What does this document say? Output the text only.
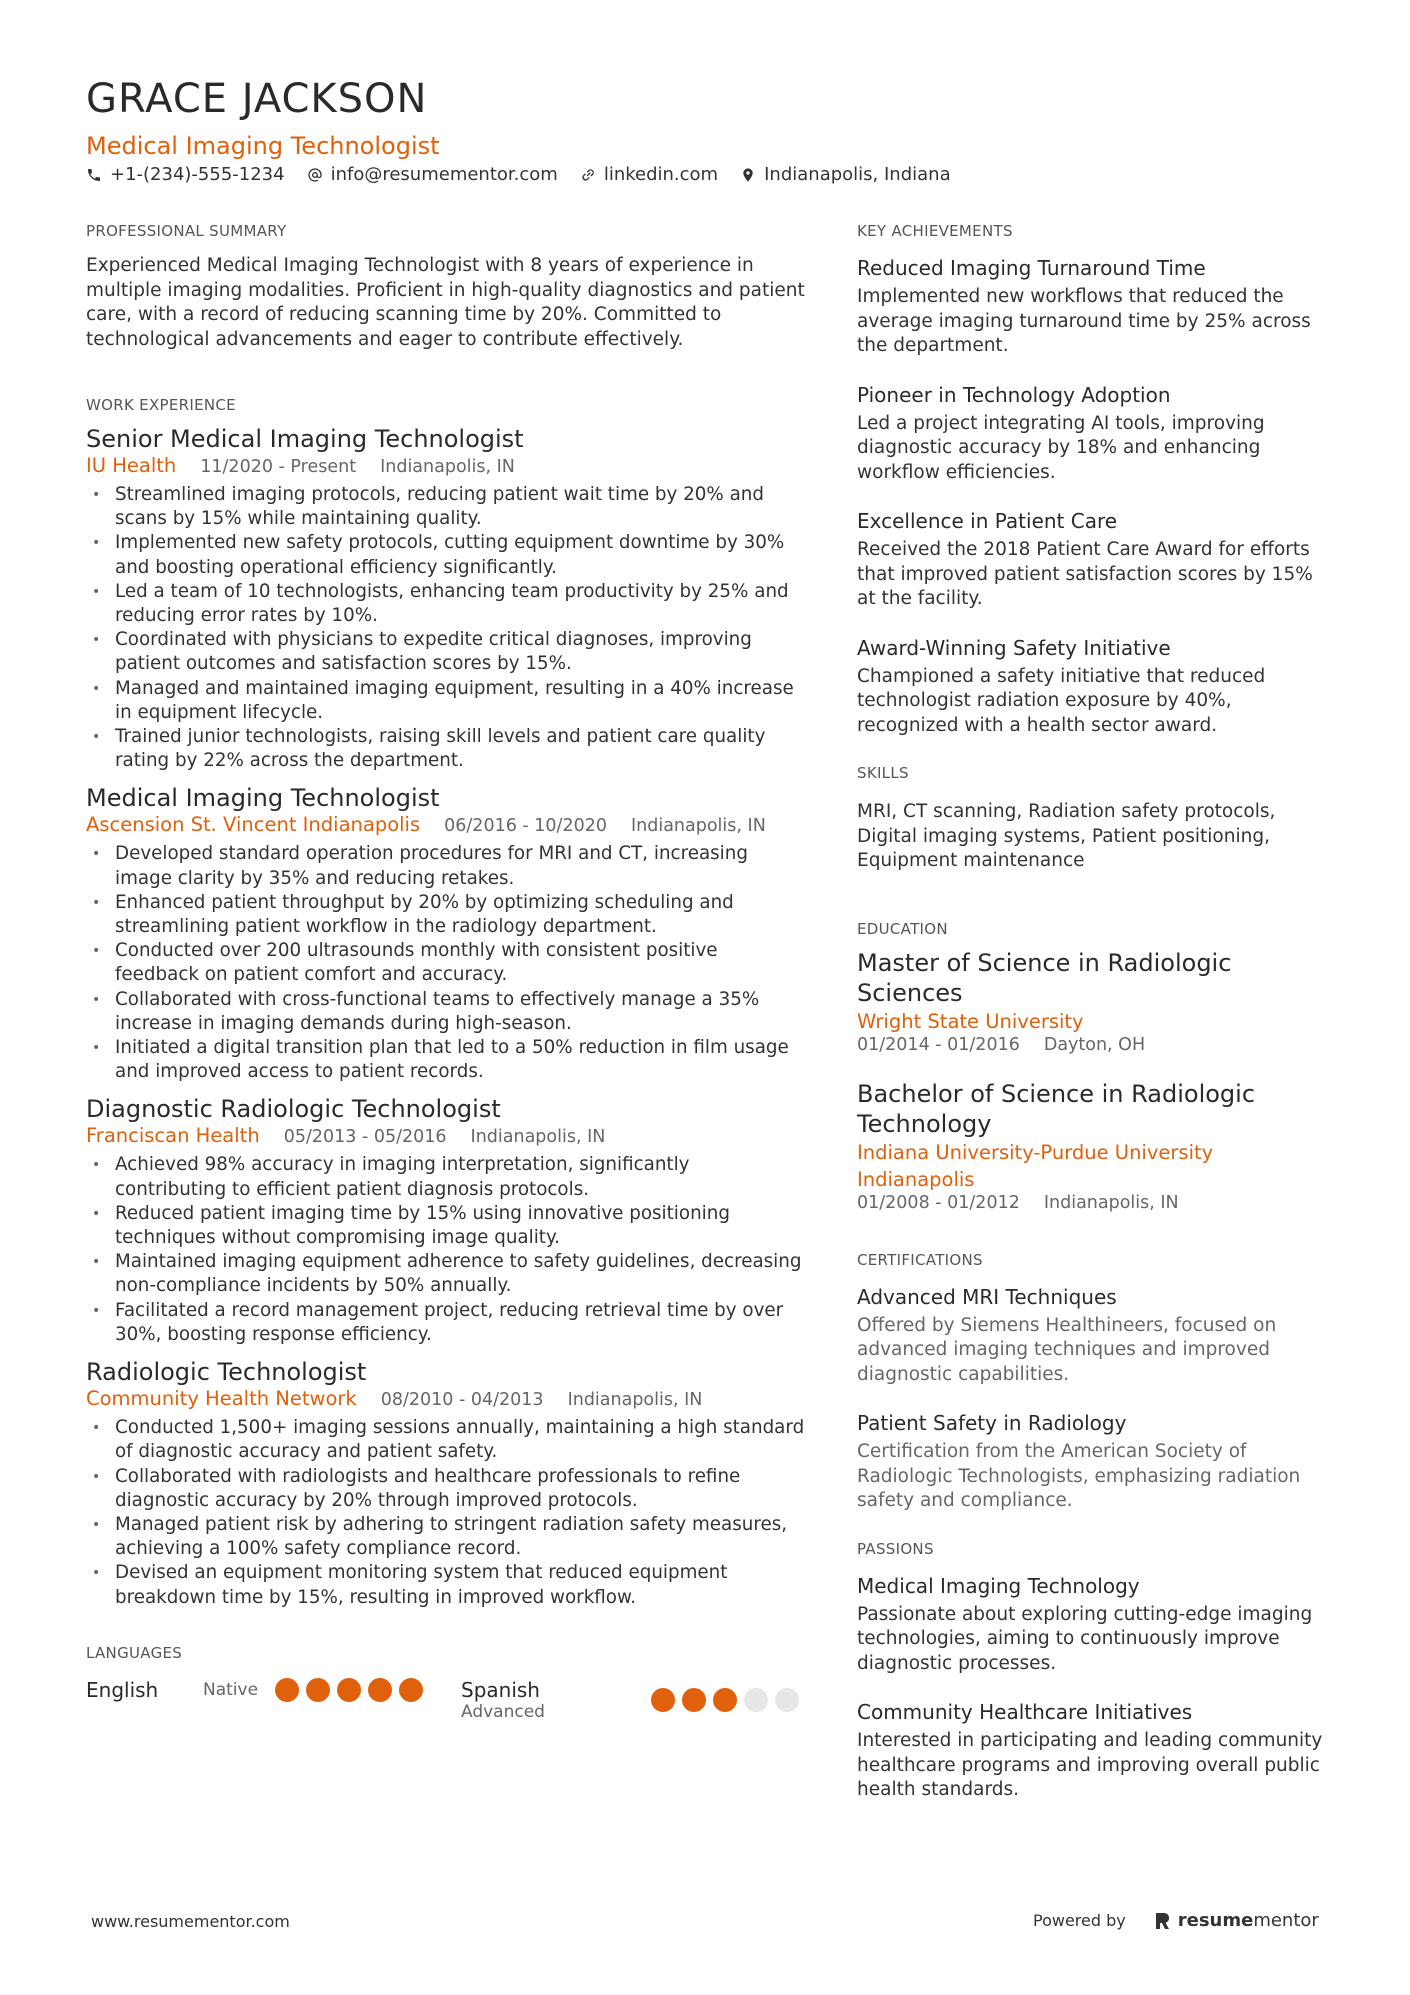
GRACE JACKSON
Medical Imaging Technologist
+1-(234)-555-1234	info@resumementor.com	linkedin.com	Indianapolis, Indiana
PROFESSIONAL SUMMARY
Experienced Medical Imaging Technologist with 8 years of experience in multiple imaging modalities. Proficient in high-quality diagnostics and patient care, with a record of reducing scanning time by 20%. Committed to technological advancements and eager to contribute effectively.
WORK EXPERIENCE
Senior Medical Imaging Technologist
IU Health 11/2020 - Present Indianapolis, IN
• Streamlined imaging protocols, reducing patient wait time by 20% and scans by 15% while maintaining quality.
• Implemented new safety protocols, cutting equipment downtime by 30% and boosting operational efficiency significantly.
• Led a team of 10 technologists, enhancing team productivity by 25% and reducing error rates by 10%.
• Coordinated with physicians to expedite critical diagnoses, improving patient outcomes and satisfaction scores by 15%.
• Managed and maintained imaging equipment, resulting in a 40% increase in equipment lifecycle.
• Trained junior technologists, raising skill levels and patient care quality rating by 22% across the department.
Medical Imaging Technologist
Ascension St. Vincent Indianapolis 06/2016 - 10/2020 Indianapolis, IN
• Developed standard operation procedures for MRI and CT, increasing image clarity by 35% and reducing retakes.
• Enhanced patient throughput by 20% by optimizing scheduling and streamlining patient workflow in the radiology department.
• Conducted over 200 ultrasounds monthly with consistent positive feedback on patient comfort and accuracy.
• Collaborated with cross-functional teams to effectively manage a 35% increase in imaging demands during high-season.
• Initiated a digital transition plan that led to a 50% reduction in film usage and improved access to patient records.
Diagnostic Radiologic Technologist
Franciscan Health 05/2013 - 05/2016 Indianapolis, IN
• Achieved 98% accuracy in imaging interpretation, significantly contributing to efficient patient diagnosis protocols.
• Reduced patient imaging time by 15% using innovative positioning techniques without compromising image quality.
• Maintained imaging equipment adherence to safety guidelines, decreasing non-compliance incidents by 50% annually.
• Facilitated a record management project, reducing retrieval time by over 30%, boosting response efficiency.
Radiologic Technologist
Community Health Network 08/2010 - 04/2013 Indianapolis, IN
• Conducted 1,500+ imaging sessions annually, maintaining a high standard of diagnostic accuracy and patient safety.
• Collaborated with radiologists and healthcare professionals to refine diagnostic accuracy by 20% through improved protocols.
• Managed patient risk by adhering to stringent radiation safety measures, achieving a 100% safety compliance record.
• Devised an equipment monitoring system that reduced equipment breakdown time by 15%, resulting in improved workflow.
LANGUAGES
English	Native	Spanish
Advanced
KEY ACHIEVEMENTS
Reduced Imaging Turnaround Time
Implemented new workflows that reduced the average imaging turnaround time by 25% across the department.
Pioneer in Technology Adoption
Led a project integrating AI tools, improving diagnostic accuracy by 18% and enhancing workflow efficiencies.
Excellence in Patient Care
Received the 2018 Patient Care Award for efforts that improved patient satisfaction scores by 15% at the facility.
Award-Winning Safety Initiative
Championed a safety initiative that reduced technologist radiation exposure by 40%, recognized with a health sector award.
SKILLS
MRI, CT scanning, Radiation safety protocols, Digital imaging systems, Patient positioning, Equipment maintenance
EDUCATION
Master of Science in Radiologic Sciences
Wright State University
01/2014 - 01/2016 Dayton, OH
Bachelor of Science in Radiologic Technology
Indiana University-Purdue University Indianapolis
01/2008 - 01/2012 Indianapolis, IN
CERTIFICATIONS
Advanced MRI Techniques
Offered by Siemens Healthineers, focused on advanced imaging techniques and improved diagnostic capabilities.
Patient Safety in Radiology
Certification from the American Society of Radiologic Technologists, emphasizing radiation safety and compliance.
PASSIONS
Medical Imaging Technology
Passionate about exploring cutting-edge imaging technologies, aiming to continuously improve diagnostic processes.
Community Healthcare Initiatives
Interested in participating and leading community healthcare programs and improving overall public health standards.
www.resumementor.com	Powered by	resume mentor
